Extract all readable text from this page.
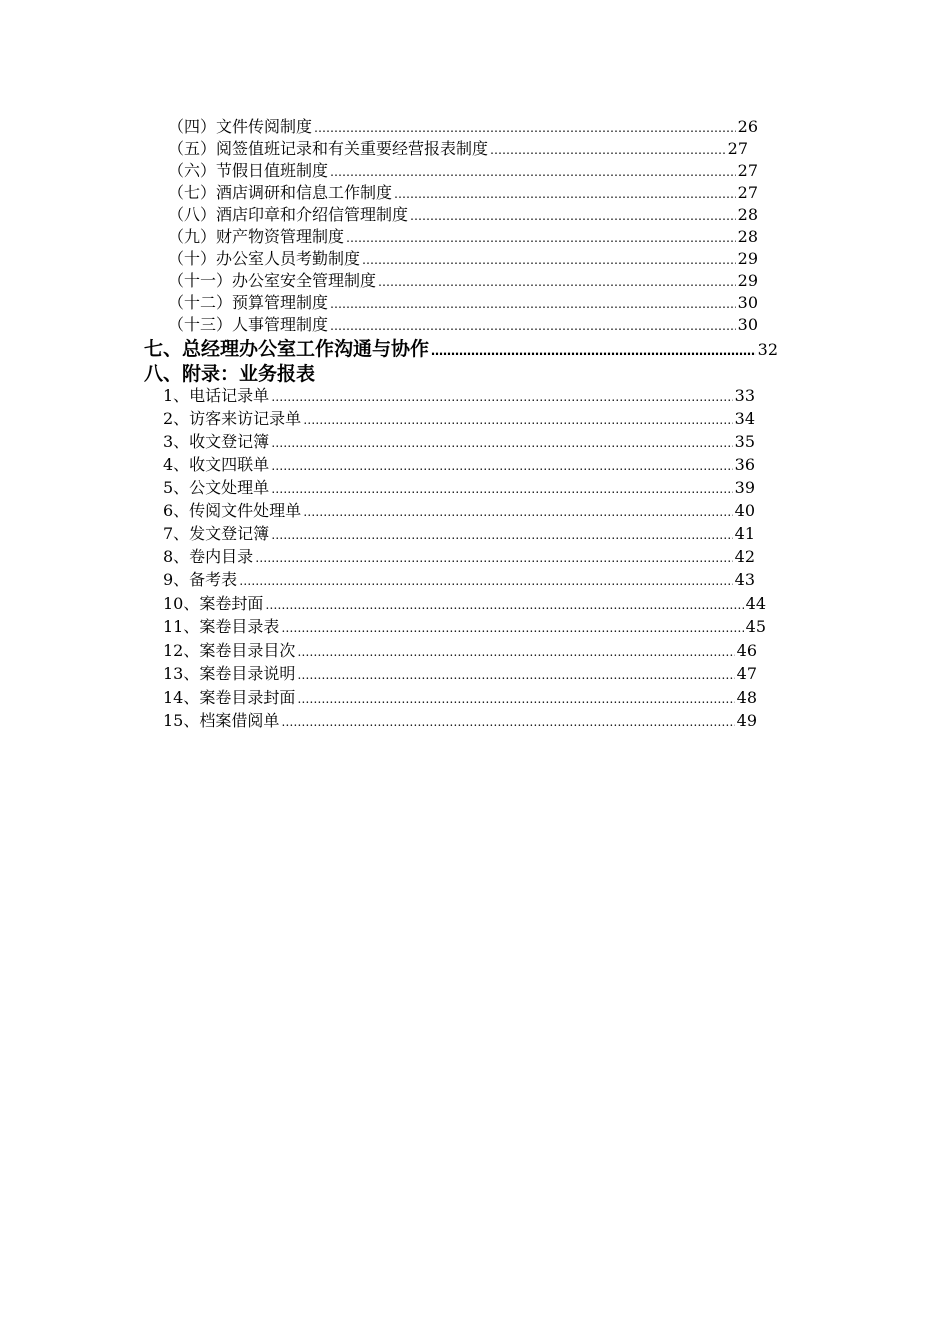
（四）文件传阅制度 ……………………………………………………………………………………………………………………………………………………………………………………………………………………	26
（五）阅签值班记录和有关重要经营报表制度 ……………………………………………………………………………………………………………………………………………………………………………………………………………………	27
（六）节假日值班制度 ……………………………………………………………………………………………………………………………………………………………………………………………………………………	27
（七）酒店调研和信息工作制度 ……………………………………………………………………………………………………………………………………………………………………………………………………………………	27
（八）酒店印章和介绍信管理制度 ……………………………………………………………………………………………………………………………………………………………………………………………………………………	28
（九）财产物资管理制度 ……………………………………………………………………………………………………………………………………………………………………………………………………………………	28
（十）办公室人员考勤制度 ……………………………………………………………………………………………………………………………………………………………………………………………………………………	29
（十一）办公室安全管理制度 ……………………………………………………………………………………………………………………………………………………………………………………………………………………	29
（十二）预算管理制度 ……………………………………………………………………………………………………………………………………………………………………………………………………………………	30
（十三）人事管理制度 ……………………………………………………………………………………………………………………………………………………………………………………………………………………	30
七、总经理办公室工作沟通与协作 ……………………………………………………………………………………………………………………………………………………………………………………………………………………	32
八、附录：业务报表
1、电话记录单 ……………………………………………………………………………………………………………………………………………………………………………………………………………………	33
2、访客来访记录单 ……………………………………………………………………………………………………………………………………………………………………………………………………………………	34
3、收文登记簿 ……………………………………………………………………………………………………………………………………………………………………………………………………………………	35
4、收文四联单 ……………………………………………………………………………………………………………………………………………………………………………………………………………………	36
5、公文处理单 ……………………………………………………………………………………………………………………………………………………………………………………………………………………	39
6、传阅文件处理单 ……………………………………………………………………………………………………………………………………………………………………………………………………………………	40
7、发文登记簿 ……………………………………………………………………………………………………………………………………………………………………………………………………………………	41
8、卷内目录 ……………………………………………………………………………………………………………………………………………………………………………………………………………………	42
9、备考表 ……………………………………………………………………………………………………………………………………………………………………………………………………………………	43
10、案卷封面 ……………………………………………………………………………………………………………………………………………………………………………………………………………………	44
11、案卷目录表 ……………………………………………………………………………………………………………………………………………………………………………………………………………………	45
12、案卷目录目次 ……………………………………………………………………………………………………………………………………………………………………………………………………………………	46
13、案卷目录说明 ……………………………………………………………………………………………………………………………………………………………………………………………………………………	47
14、案卷目录封面 ……………………………………………………………………………………………………………………………………………………………………………………………………………………	48
15、档案借阅单 ……………………………………………………………………………………………………………………………………………………………………………………………………………………	49
